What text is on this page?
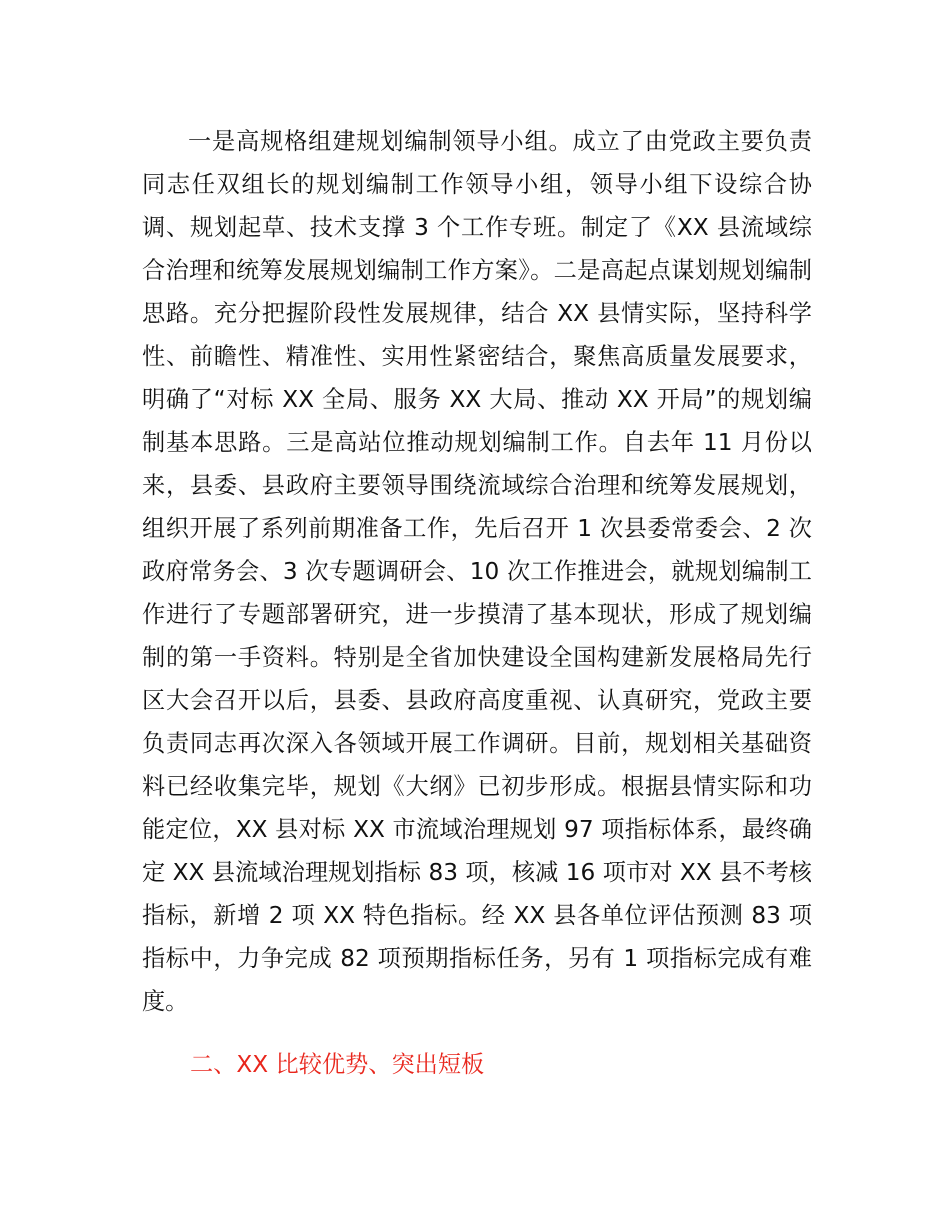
一是高规格组建规划编制领导小组。成立了由党政主要负责同志任双组长的规划编制工作领导小组，领导小组下设综合协调、规划起草、技术支撑 3 个工作专班。制定了《XX 县流域综合治理和统筹发展规划编制工作方案》。二是高起点谋划规划编制思路。充分把握阶段性发展规律，结合 XX 县情实际，坚持科学性、前瞻性、精准性、实用性紧密结合，聚焦高质量发展要求，明确了“对标 XX 全局、服务 XX 大局、推动 XX 开局”的规划编制基本思路。三是高站位推动规划编制工作。自去年 11 月份以来，县委、县政府主要领导围绕流域综合治理和统筹发展规划，组织开展了系列前期准备工作，先后召开 1 次县委常委会、2 次政府常务会、3 次专题调研会、10 次工作推进会，就规划编制工作进行了专题部署研究，进一步摸清了基本现状，形成了规划编制的第一手资料。特别是全省加快建设全国构建新发展格局先行区大会召开以后，县委、县政府高度重视、认真研究，党政主要负责同志再次深入各领域开展工作调研。目前，规划相关基础资料已经收集完毕，规划《大纲》已初步形成。根据县情实际和功能定位，XX 县对标 XX 市流域治理规划 97 项指标体系，最终确定 XX 县流域治理规划指标 83 项，核减 16 项市对 XX 县不考核指标，新增 2 项 XX 特色指标。经 XX 县各单位评估预测 83 项指标中，力争完成 82 项预期指标任务，另有 1 项指标完成有难度。

二、XX 比较优势、突出短板
